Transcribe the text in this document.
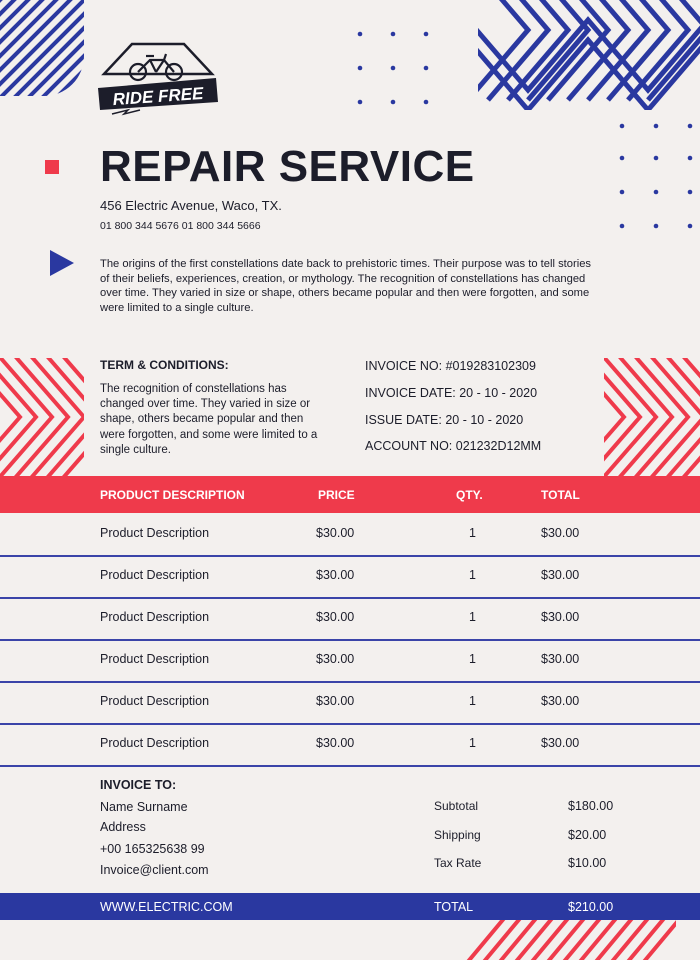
RIDE FREE
REPAIR SERVICE
456 Electric Avenue, Waco, TX.
01 800 344 5676 01 800 344 5666
The origins of the first constellations date back to prehistoric times. Their purpose was to tell stories of their beliefs, experiences, creation, or mythology. The recognition of constellations has changed over time. They varied in size or shape, others became popular and then were forgotten, and some were limited to a single culture.
TERM & CONDITIONS:
The recognition of constellations has changed over time. They varied in size or shape, others became popular and then were forgotten, and some were limited to a single culture.
INVOICE NO: #019283102309
INVOICE DATE: 20 - 10 - 2020
ISSUE DATE: 20 - 10 - 2020
ACCOUNT NO: 021232D12MM
PRODUCT DESCRIPTION	PRICE	QTY.	TOTAL
Product Description	$30.00	1	$30.00
Product Description	$30.00	1	$30.00
Product Description	$30.00	1	$30.00
Product Description	$30.00	1	$30.00
Product Description	$30.00	1	$30.00
Product Description	$30.00	1	$30.00
INVOICE TO:
Name Surname
Address
+00 165325638 99
Invoice@client.com
Subtotal	$180.00
Shipping	$20.00
Tax Rate	$10.00
WWW.ELECTRIC.COM	TOTAL	$210.00
